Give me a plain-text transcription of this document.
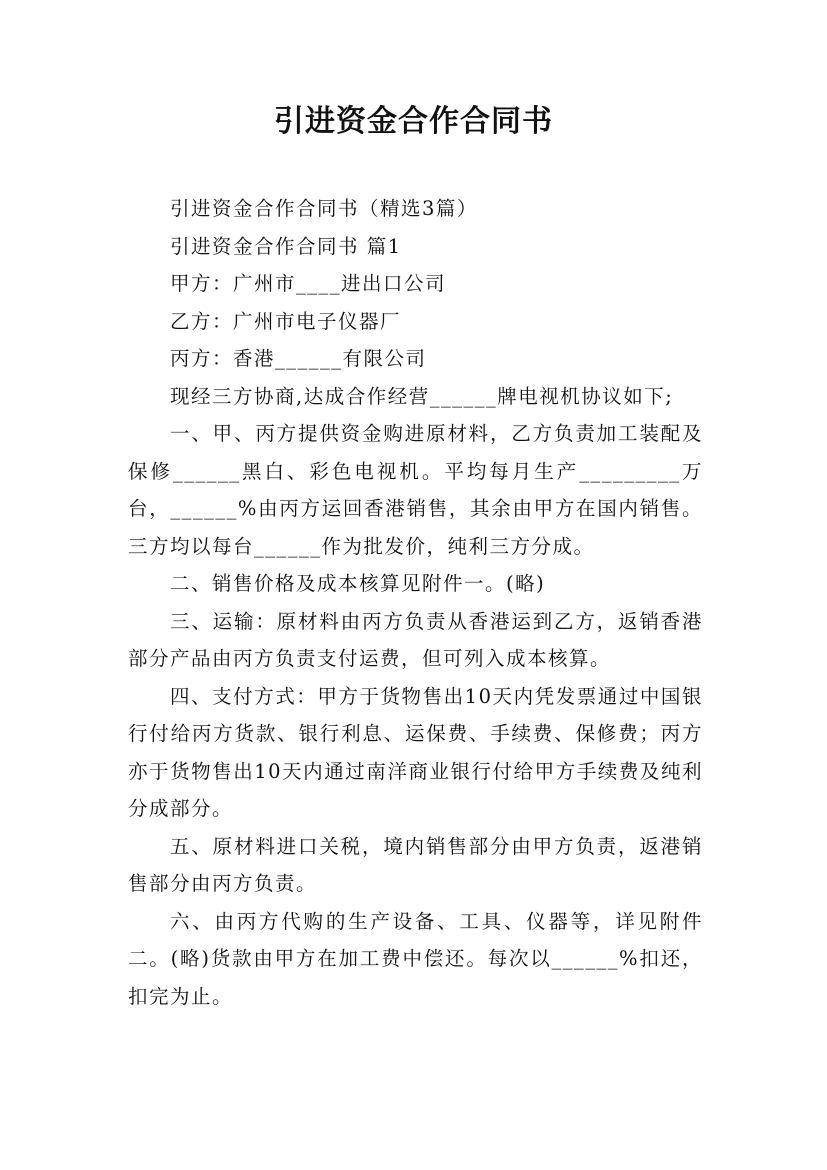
引进资金合作合同书

引进资金合作合同书（精选3篇）

引进资金合作合同书 篇1

甲方：广州市____进出口公司

乙方：广州市电子仪器厂

丙方：香港______有限公司

现经三方协商,达成合作经营______牌电视机协议如下;

一、甲、丙方提供资金购进原材料，乙方负责加工装配及保修______黑白、彩色电视机。平均每月生产_________万台，______%由丙方运回香港销售，其余由甲方在国内销售。三方均以每台______作为批发价，纯利三方分成。

二、销售价格及成本核算见附件一。(略)

三、运输：原材料由丙方负责从香港运到乙方，返销香港部分产品由丙方负责支付运费，但可列入成本核算。

四、支付方式：甲方于货物售出10天内凭发票通过中国银行付给丙方货款、银行利息、运保费、手续费、保修费；丙方亦于货物售出10天内通过南洋商业银行付给甲方手续费及纯利分成部分。

五、原材料进口关税，境内销售部分由甲方负责，返港销售部分由丙方负责。

六、由丙方代购的生产设备、工具、仪器等，详见附件二。(略)货款由甲方在加工费中偿还。每次以______%扣还，扣完为止。
